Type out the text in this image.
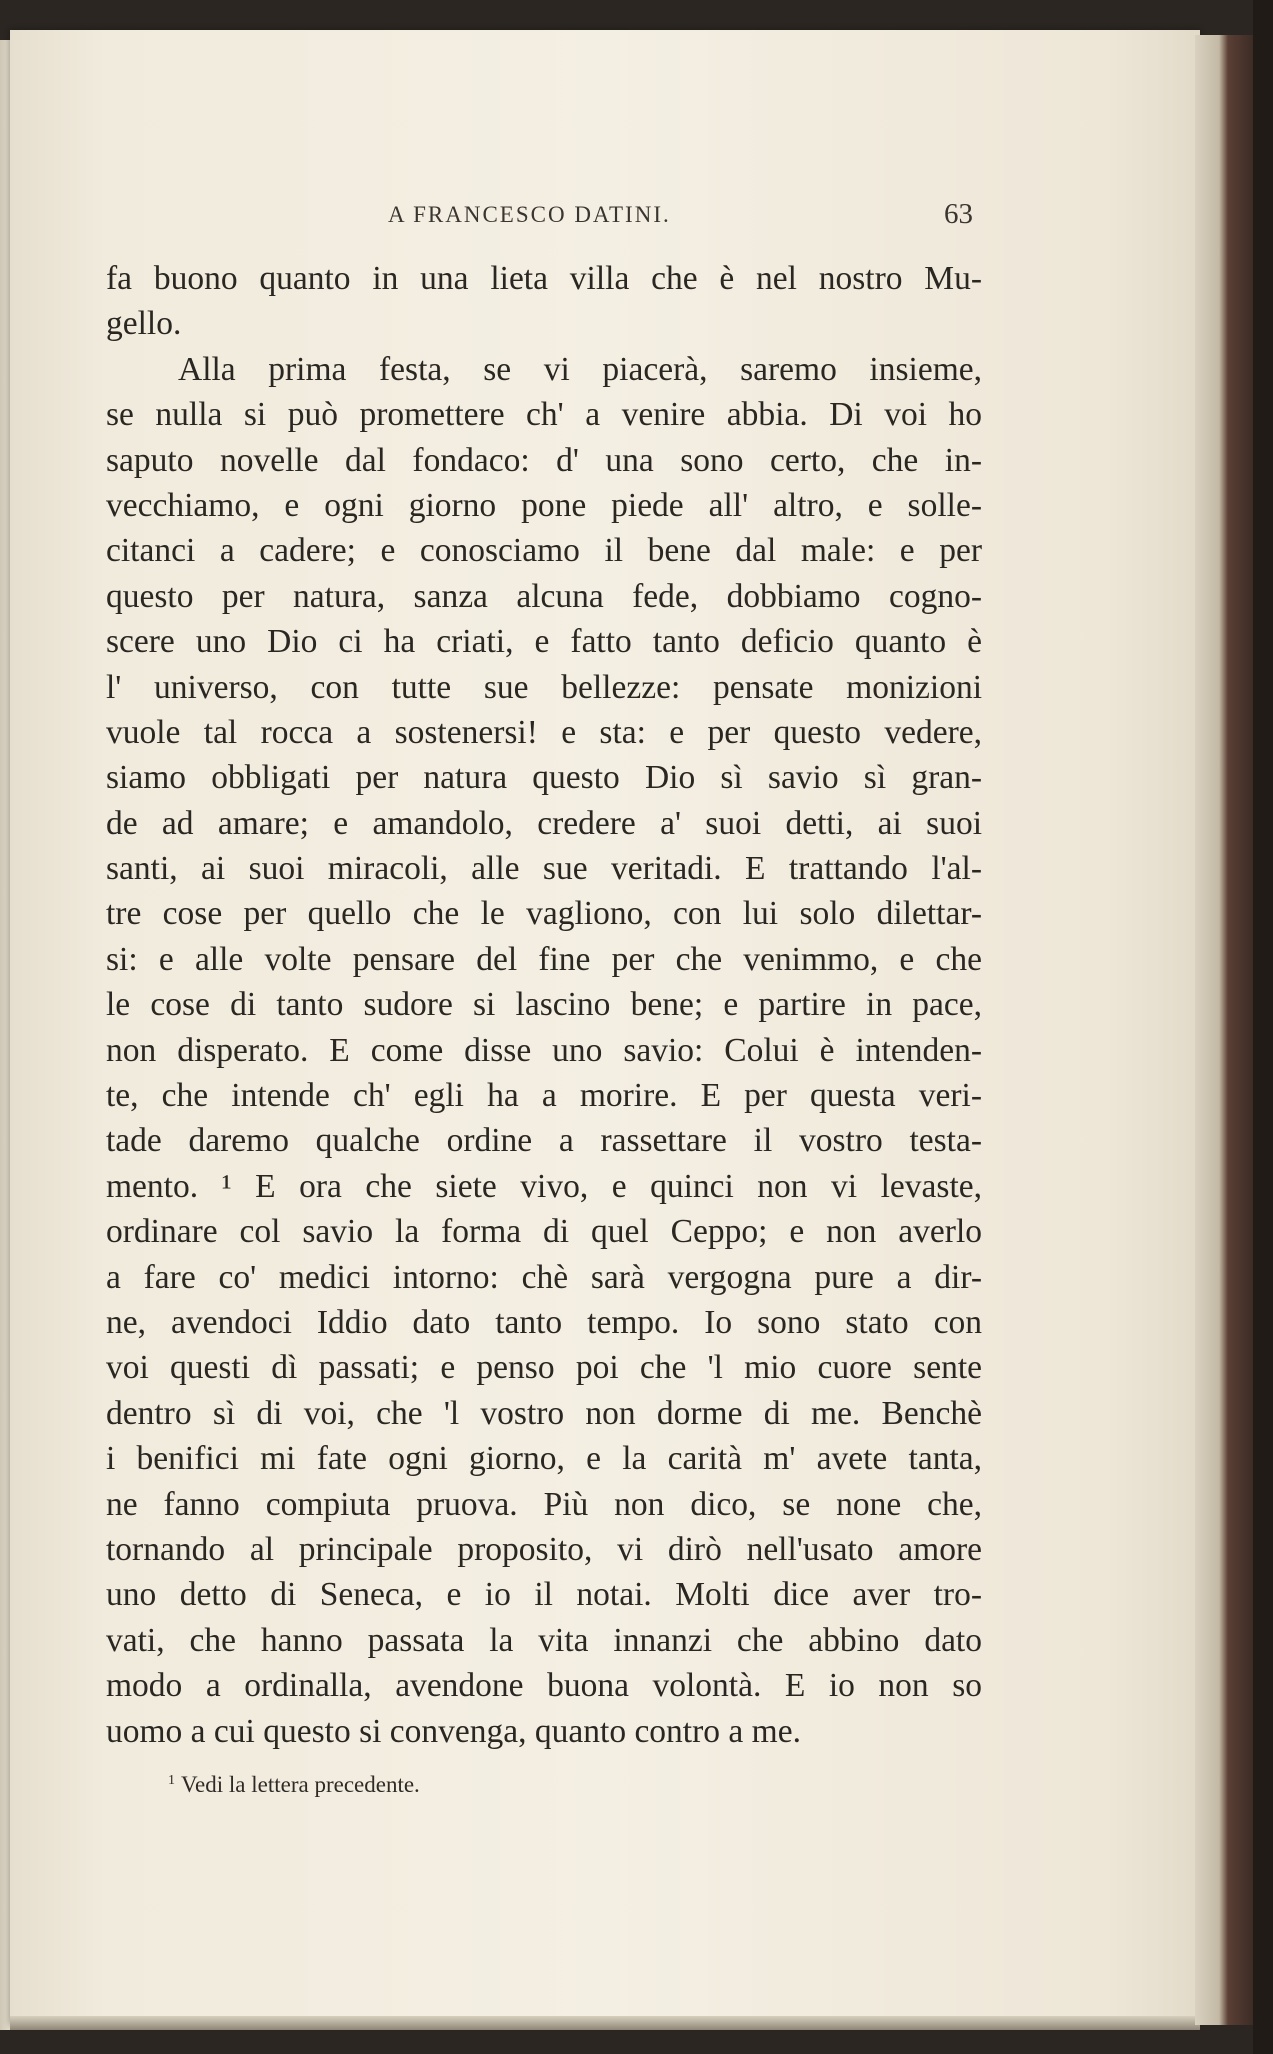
A FRANCESCO DATINI.	63
fa buono quanto in una lieta villa che è nel nostro Mu-
gello.
Alla prima festa, se vi piacerà, saremo insieme,
se nulla si può promettere ch' a venire abbia. Di voi ho
saputo novelle dal fondaco: d' una sono certo, che in-
vecchiamo, e ogni giorno pone piede all' altro, e solle-
citanci a cadere; e conosciamo il bene dal male: e per
questo per natura, sanza alcuna fede, dobbiamo cogno-
scere uno Dio ci ha criati, e fatto tanto deficio quanto è
l' universo, con tutte sue bellezze: pensate monizioni
vuole tal rocca a sostenersi! e sta: e per questo vedere,
siamo obbligati per natura questo Dio sì savio sì gran-
de ad amare; e amandolo, credere a' suoi detti, ai suoi
santi, ai suoi miracoli, alle sue veritadi. E trattando l'al-
tre cose per quello che le vagliono, con lui solo dilettar-
si: e alle volte pensare del fine per che venimmo, e che
le cose di tanto sudore si lascino bene; e partire in pace,
non disperato. E come disse uno savio: Colui è intenden-
te, che intende ch' egli ha a morire. E per questa veri-
tade daremo qualche ordine a rassettare il vostro testa-
mento. ¹ E ora che siete vivo, e quinci non vi levaste,
ordinare col savio la forma di quel Ceppo; e non averlo
a fare co' medici intorno: chè sarà vergogna pure a dir-
ne, avendoci Iddio dato tanto tempo. Io sono stato con
voi questi dì passati; e penso poi che 'l mio cuore sente
dentro sì di voi, che 'l vostro non dorme di me. Benchè
i benifici mi fate ogni giorno, e la carità m' avete tanta,
ne fanno compiuta pruova. Più non dico, se none che,
tornando al principale proposito, vi dirò nell'usato amore
uno detto di Seneca, e io il notai. Molti dice aver tro-
vati, che hanno passata la vita innanzi che abbino dato
modo a ordinalla, avendone buona volontà. E io non so
uomo a cui questo si convenga, quanto contro a me.
$^1$ Vedi la lettera precedente.
